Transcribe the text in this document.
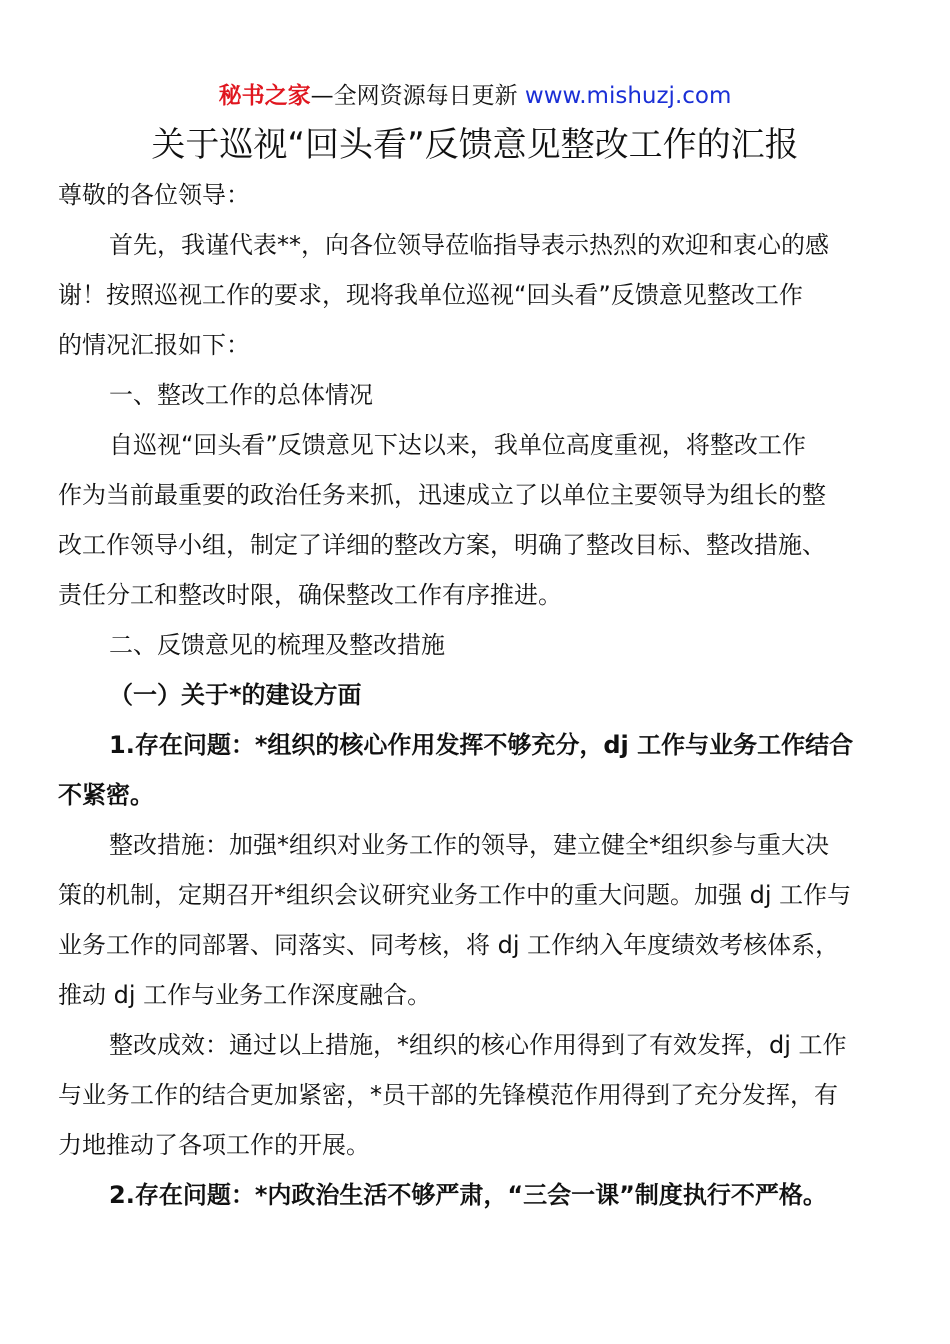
秘书之家—全网资源每日更新 www.mishuzj.com
关于巡视“回头看”反馈意见整改工作的汇报

尊敬的各位领导：

首先，我谨代表**，向各位领导莅临指导表示热烈的欢迎和衷心的感

谢！按照巡视工作的要求，现将我单位巡视“回头看”反馈意见整改工作

的情况汇报如下：

一、整改工作的总体情况

自巡视“回头看”反馈意见下达以来，我单位高度重视，将整改工作

作为当前最重要的政治任务来抓，迅速成立了以单位主要领导为组长的整

改工作领导小组，制定了详细的整改方案，明确了整改目标、整改措施、

责任分工和整改时限，确保整改工作有序推进。

二、反馈意见的梳理及整改措施

（一）关于*的建设方面

1.存在问题：*组织的核心作用发挥不够充分，dj 工作与业务工作结合

不紧密。

整改措施：加强*组织对业务工作的领导，建立健全*组织参与重大决

策的机制，定期召开*组织会议研究业务工作中的重大问题。加强 dj 工作与

业务工作的同部署、同落实、同考核，将 dj 工作纳入年度绩效考核体系，

推动 dj 工作与业务工作深度融合。

整改成效：通过以上措施，*组织的核心作用得到了有效发挥，dj 工作

与业务工作的结合更加紧密，*员干部的先锋模范作用得到了充分发挥，有

力地推动了各项工作的开展。

2.存在问题：*内政治生活不够严肃，“三会一课”制度执行不严格。
